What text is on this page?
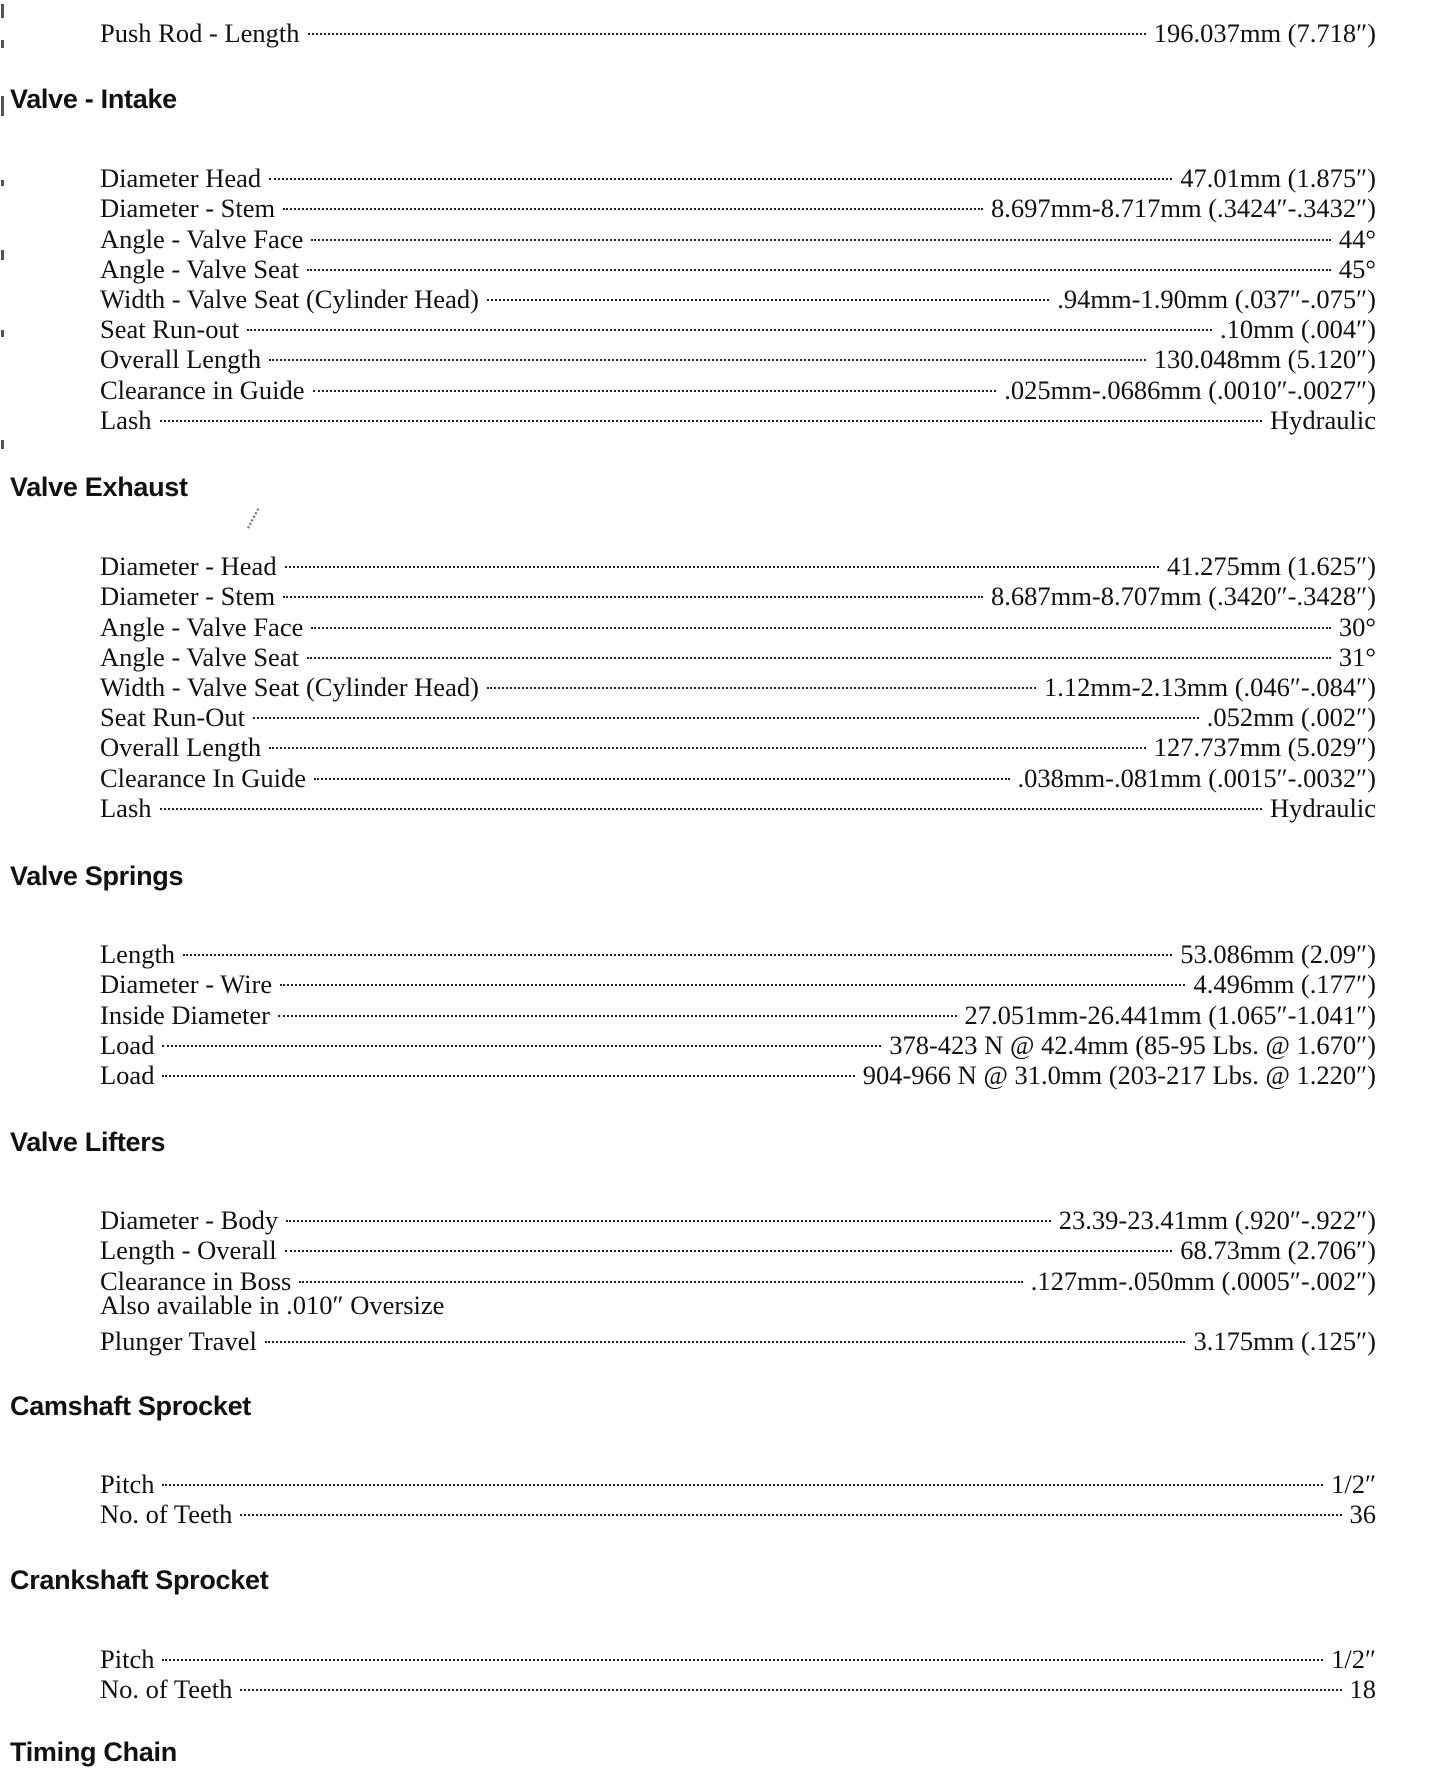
Push Rod - Length	196.037mm (7.718″)
Valve - Intake
Diameter Head	47.01mm (1.875″)
Diameter - Stem	8.697mm-8.717mm (.3424″-.3432″)
Angle - Valve Face	44°
Angle - Valve Seat	45°
Width - Valve Seat (Cylinder Head)	.94mm-1.90mm (.037″-.075″)
Seat Run-out	.10mm (.004″)
Overall Length	130.048mm (5.120″)
Clearance in Guide	.025mm-.0686mm (.0010″-.0027″)
Lash	Hydraulic
Valve Exhaust
Diameter - Head	41.275mm (1.625″)
Diameter - Stem	8.687mm-8.707mm (.3420″-.3428″)
Angle - Valve Face	30°
Angle - Valve Seat	31°
Width - Valve Seat (Cylinder Head)	1.12mm-2.13mm (.046″-.084″)
Seat Run-Out	.052mm (.002″)
Overall Length	127.737mm (5.029″)
Clearance In Guide	.038mm-.081mm (.0015″-.0032″)
Lash	Hydraulic
Valve Springs
Length	53.086mm (2.09″)
Diameter - Wire	4.496mm (.177″)
Inside Diameter	27.051mm-26.441mm (1.065″-1.041″)
Load	378-423 N @ 42.4mm (85-95 Lbs. @ 1.670″)
Load	904-966 N @ 31.0mm (203-217 Lbs. @ 1.220″)
Valve Lifters
Diameter - Body	23.39-23.41mm (.920″-.922″)
Length - Overall	68.73mm (2.706″)
Clearance in Boss	.127mm-.050mm (.0005″-.002″)
Also available in .010″ Oversize
Plunger Travel	3.175mm (.125″)
Camshaft Sprocket
Pitch	1/2″
No. of Teeth	36
Crankshaft Sprocket
Pitch	1/2″
No. of Teeth	18
Timing Chain
